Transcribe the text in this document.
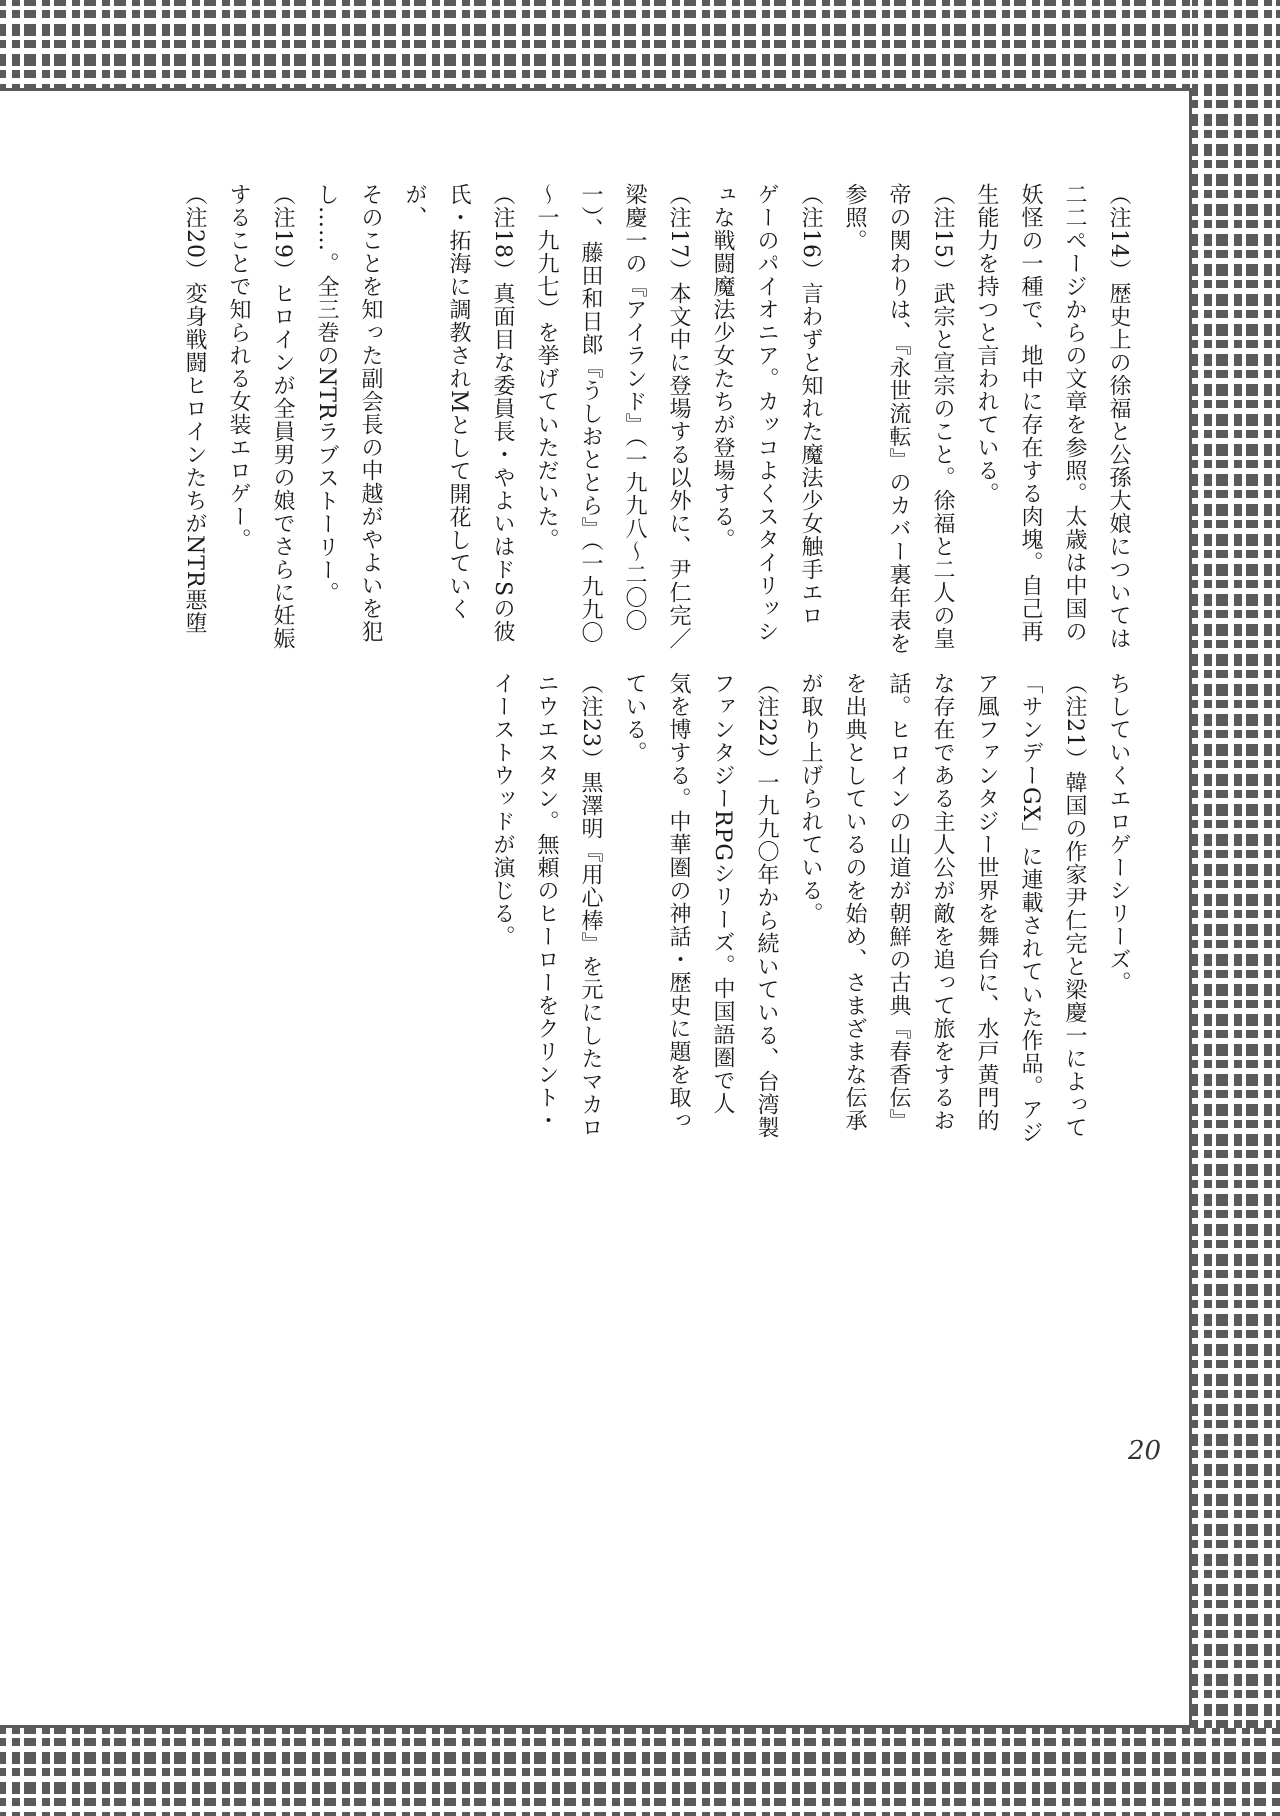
（注14）歴史上の徐福と公孫大娘については

二二ページからの文章を参照。太歳は中国の

妖怪の一種で、地中に存在する肉塊。自己再

生能力を持つと言われている。

（注15）武宗と宣宗のこと。徐福と二人の皇

帝の関わりは、『永世流転』のカバー裏年表を

参照。

（注16）言わずと知れた魔法少女触手エロ

ゲーのパイオニア。カッコよくスタイリッシ

ュな戦闘魔法少女たちが登場する。

（注17）本文中に登場する以外に、尹仁完／

梁慶一の『アイランド』（一九九八～二〇〇

一）、藤田和日郎『うしおととら』（一九九〇

～一九九七）を挙げていただいた。

（注18）真面目な委員長・やよいはドSの彼

氏・拓海に調教されMとして開花していくが、

そのことを知った副会長の中越がやよいを犯

し……。全三巻のNTRラブストーリー。

（注19）ヒロインが全員男の娘でさらに妊娠

することで知られる女装エロゲー。

（注20）変身戦闘ヒロインたちがNTR悪堕

ちしていくエロゲーシリーズ。

（注21）韓国の作家尹仁完と梁慶一によって

「サンデーGX」に連載されていた作品。アジ

ア風ファンタジー世界を舞台に、水戸黄門的

な存在である主人公が敵を追って旅をするお

話。ヒロインの山道が朝鮮の古典『春香伝』

を出典としているのを始め、さまざまな伝承

が取り上げられている。

（注22）一九九〇年から続いている、台湾製

ファンタジーRPGシリーズ。中国語圏で人

気を博する。中華圏の神話・歴史に題を取っ

ている。

（注23）黒澤明『用心棒』を元にしたマカロ

ニウエスタン。無頼のヒーローをクリント・

イーストウッドが演じる。

20
